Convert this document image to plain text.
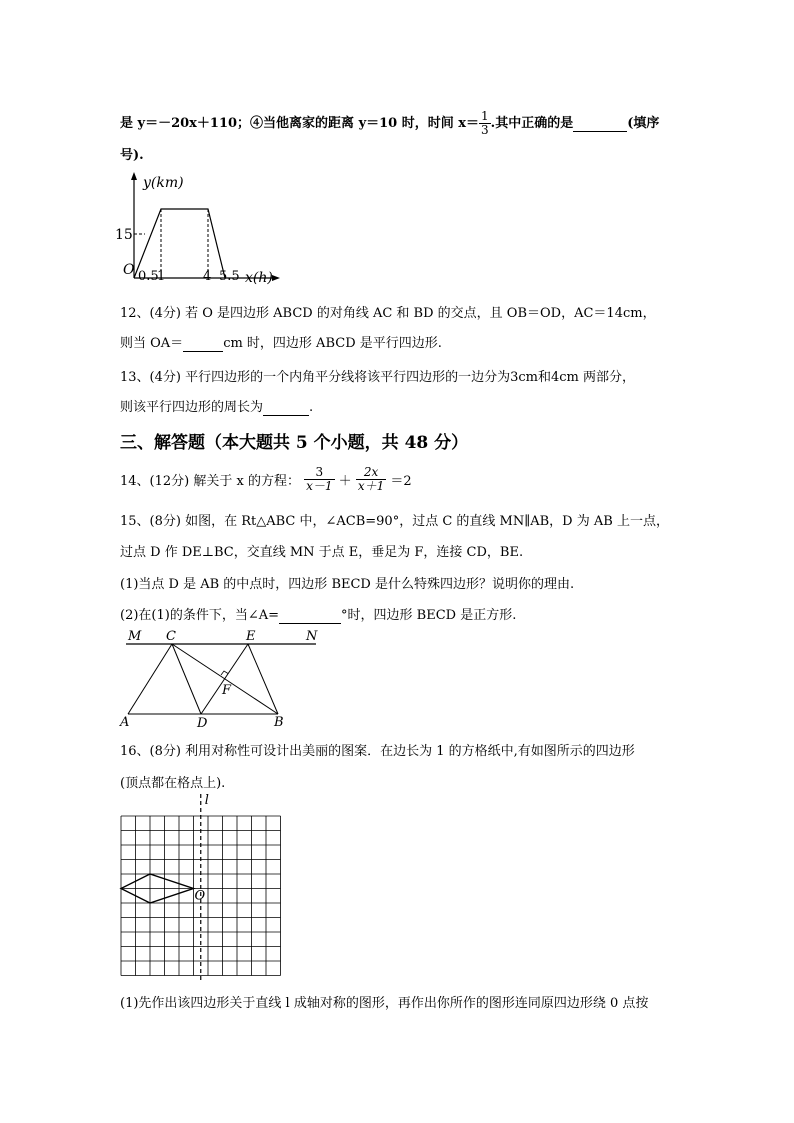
是 y＝－20x＋110；④当他离家的距离 y＝10 时，时间 $x= \frac{1}{3}$ .其中正确的是	(填序
号).
y(km)
15
O 0.5
1	4 5.5 x(h)
12、(4分) 若 O 是四边形 ABCD 的对角线 AC 和 BD 的交点，且 OB＝OD，AC＝14cm，
则当 OA＝	cm 时，四边形 ABCD 是平行四边形.
13、(4分) 平行四边形的一个内角平分线将该平行四边形的一边分为3cm和4cm 两部分，
则该平行四边形的周长为	.
三、解答题（本大题共 5 个小题，共 48 分）
14、(12分) 解关于 x 的方程： $\frac{3}{x-1} + \frac{2x}{x+1} =2$
15、(8分) 如图，在 Rt△ABC 中，∠ACB=90°，过点 C 的直线 MN∥AB，D 为 AB 上一点，
过点 D 作 DE⊥BC，交直线 MN 于点 E，垂足为 F，连接 CD，BE.
(1)当点 D 是 AB 的中点时，四边形 BECD 是什么特殊四边形？说明你的理由.
(2)在(1)的条件下，当∠A=	°时，四边形 BECD 是正方形.
M C	E	N
F
A	D	B
16、(8分) 利用对称性可设计出美丽的图案．在边长为 1 的方格纸中,有如图所示的四边形
(顶点都在格点上).
l
O
(1)先作出该四边形关于直线 l 成轴对称的图形，再作出你所作的图形连同原四边形绕 0 点按
